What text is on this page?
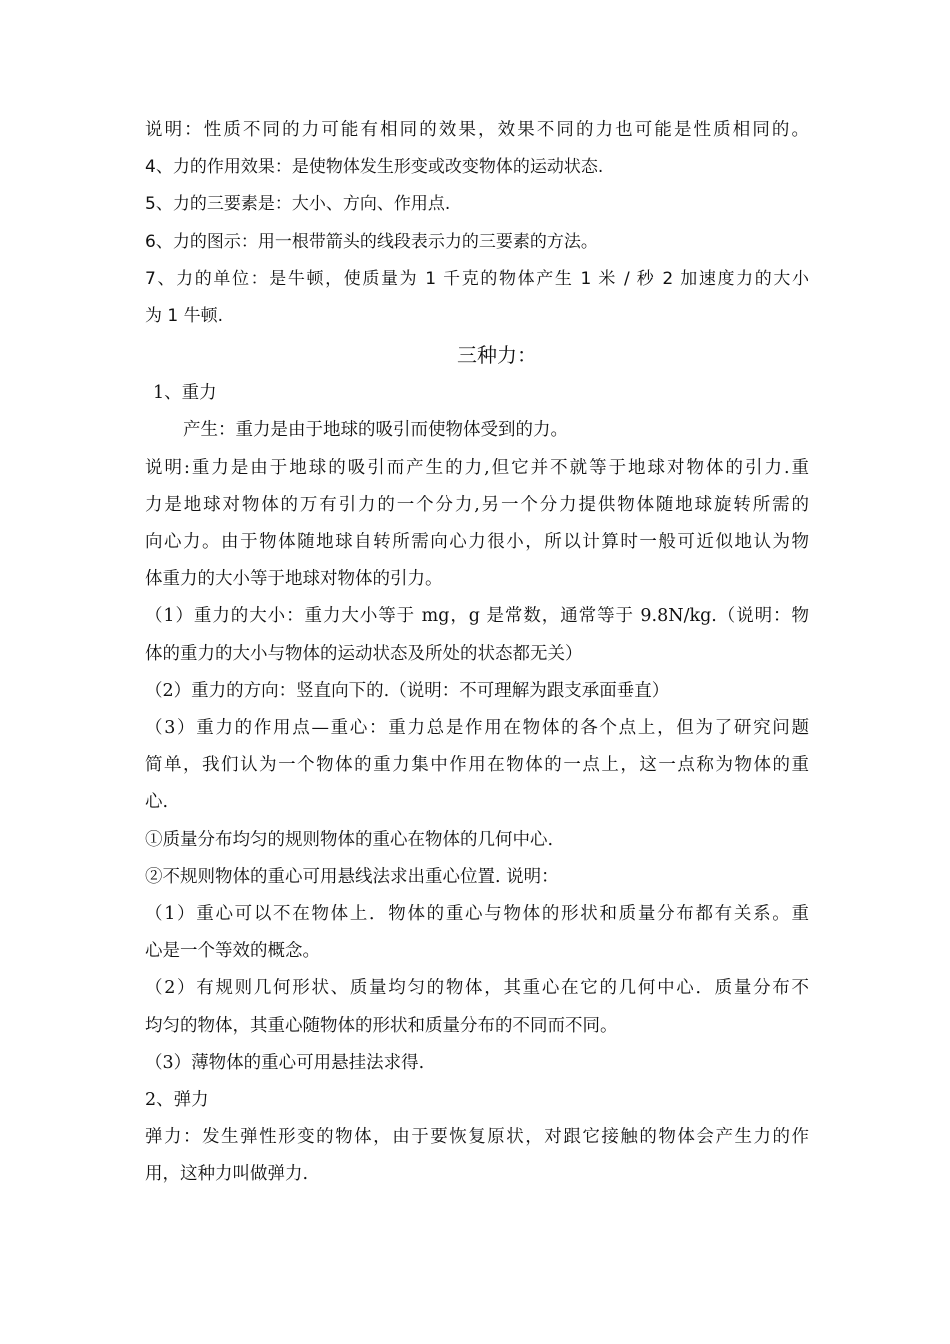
说明：性质不同的力可能有相同的效果，效果不同的力也可能是性质相同的。
4、力的作用效果：是使物体发生形变或改变物体的运动状态.
5、力的三要素是：大小、方向、作用点.
6、力的图示：用一根带箭头的线段表示力的三要素的方法。
7、力的单位：是牛顿，使质量为 1 千克的物体产生 1 米 / 秒 2 加速度力的大小
为 1 牛顿.
三种力：
1、重力
产生：重力是由于地球的吸引而使物体受到的力。
说明:重力是由于地球的吸引而产生的力,但它并不就等于地球对物体的引力.重
力是地球对物体的万有引力的一个分力,另一个分力提供物体随地球旋转所需的
向心力。由于物体随地球自转所需向心力很小，所以计算时一般可近似地认为物
体重力的大小等于地球对物体的引力。
（1）重力的大小：重力大小等于 mg，g 是常数，通常等于 9.8N/kg.（说明：物
体的重力的大小与物体的运动状态及所处的状态都无关）
（2）重力的方向：竖直向下的.（说明：不可理解为跟支承面垂直）
（3）重力的作用点—重心：重力总是作用在物体的各个点上，但为了研究问题
简单，我们认为一个物体的重力集中作用在物体的一点上，这一点称为物体的重
心.
①质量分布均匀的规则物体的重心在物体的几何中心.
②不规则物体的重心可用悬线法求出重心位置. 说明：
（1）重心可以不在物体上．物体的重心与物体的形状和质量分布都有关系。重
心是一个等效的概念。
（2）有规则几何形状、质量均匀的物体，其重心在它的几何中心．质量分布不
均匀的物体，其重心随物体的形状和质量分布的不同而不同。
（3）薄物体的重心可用悬挂法求得.
2、弹力
弹力：发生弹性形变的物体，由于要恢复原状，对跟它接触的物体会产生力的作
用，这种力叫做弹力.
